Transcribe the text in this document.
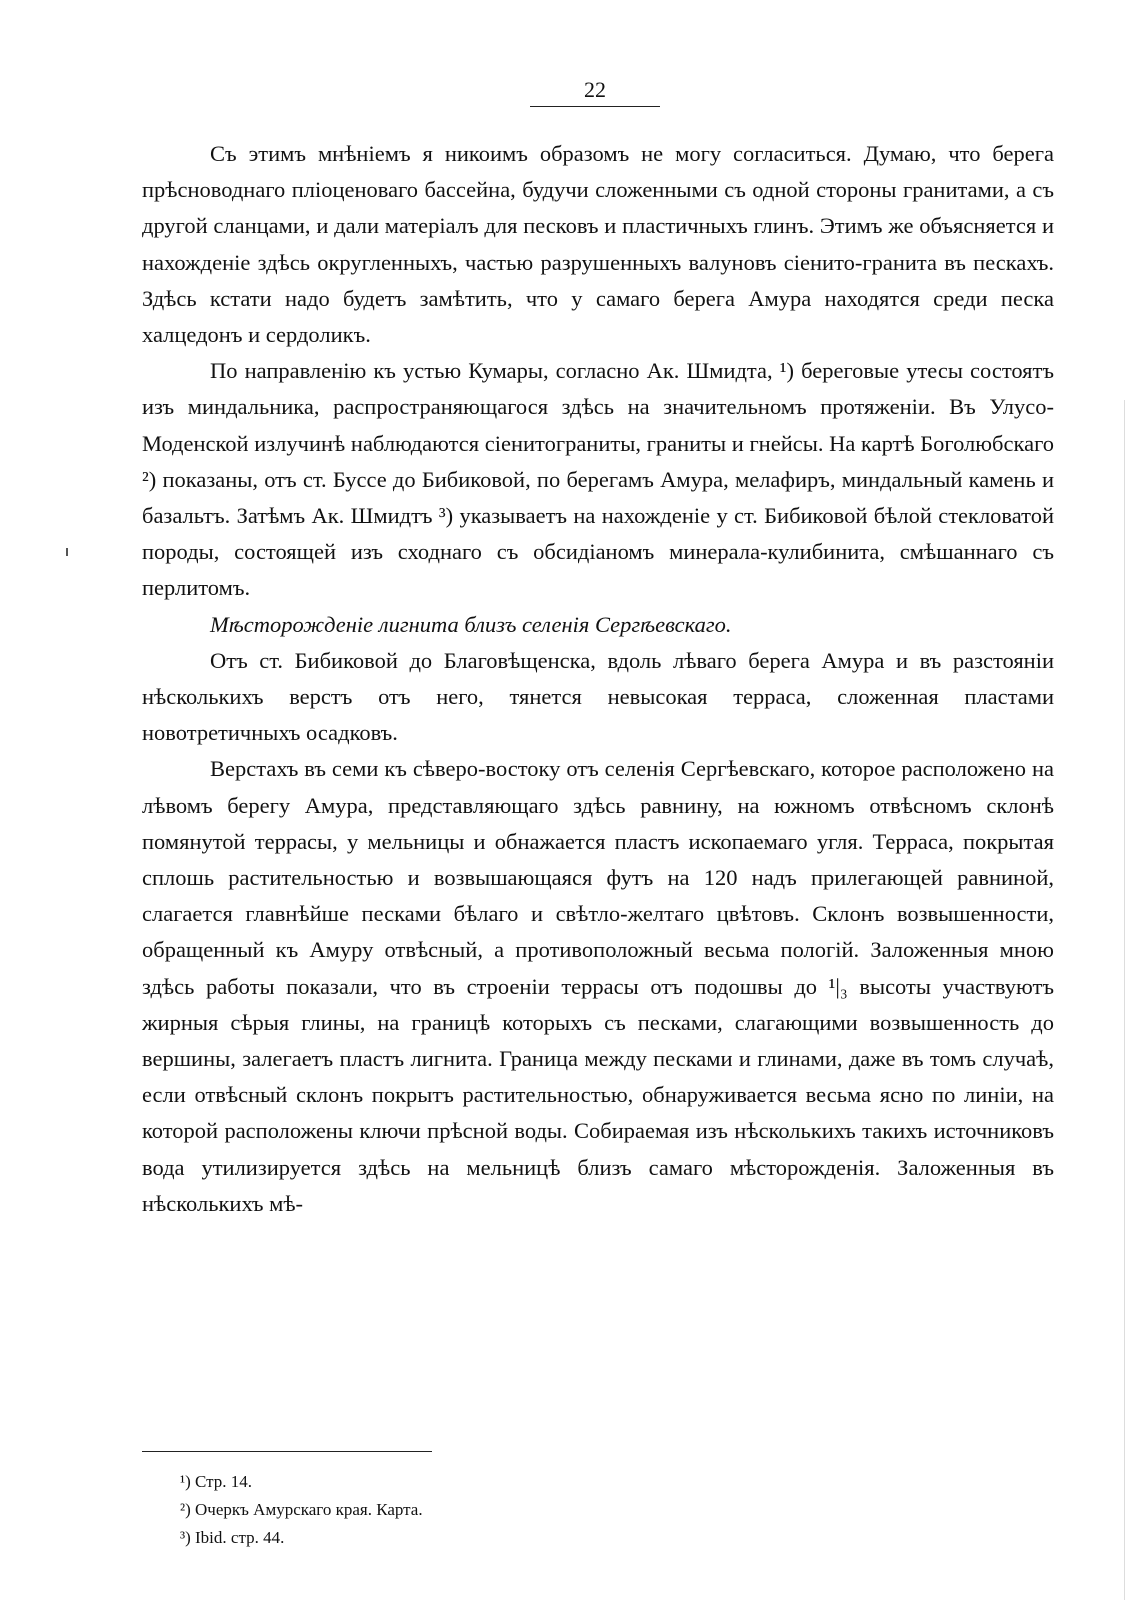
22

Съ этимъ мнѣніемъ я никоимъ образомъ не могу согласиться. Думаю, что берега прѣсноводнаго плiоценоваго бассейна, будучи сложенными съ одной стороны гранитами, а съ другой сланцами, и дали матеріалъ для песковъ и пластичныхъ глинъ. Этимъ же объясняется и нахожденіе здѣсь округленныхъ, частью разрушенныхъ валуновъ сіенито-гранита въ пескахъ. Здѣсь кстати надо будетъ замѣтить, что у самаго берега Амура находятся среди песка халцедонъ и сердоликъ.

По направленію къ устью Кумары, согласно Ак. Шмидта, ¹) береговые утесы состоятъ изъ миндальника, распространяющагося здѣсь на значительномъ протяженіи. Въ Улусо-Моденской излучинѣ наблюдаются сіенитограниты, граниты и гнейсы. На картѣ Боголюбскаго ²) показаны, отъ ст. Буссе до Бибиковой, по берегамъ Амура, мелафиръ, миндальный камень и базальтъ. Затѣмъ Ак. Шмидтъ ³) указываетъ на нахожденіе у ст. Бибиковой бѣлой стекловатой породы, состоящей изъ сходнаго съ обсидіаномъ минерала-кулибинита, смѣшаннаго съ перлитомъ.

Мѣсторожденіе лигнита близъ селенія Сергѣевскаго.

Отъ ст. Бибиковой до Благовѣщенска, вдоль лѣваго берега Амура и въ разстояніи нѣсколькихъ верстъ отъ него, тянется невысокая терраса, сложенная пластами новотретичныхъ осадковъ.

Верстахъ въ семи къ сѣверо-востоку отъ селенія Сергѣевскаго, которое расположено на лѣвомъ берегу Амура, представляющаго здѣсь равнину, на южномъ отвѣсномъ склонѣ помянутой террасы, у мельницы и обнажается пластъ ископаемаго угля. Терраса, покрытая сплошь растительностью и возвышающаяся футъ на 120 надъ прилегающей равниной, слагается главнѣйше песками бѣлаго и свѣтло-желтаго цвѣтовъ. Склонъ возвышенности, обращенный къ Амуру отвѣсный, а противоположный весьма пологій. Заложенныя мною здѣсь работы показали, что въ строеніи террасы отъ подошвы до ¹|₃ высоты участвуютъ жирныя сѣрыя глины, на границѣ которыхъ съ песками, слагающими возвышенность до вершины, залегаетъ пластъ лигнита. Граница между песками и глинами, даже въ томъ случаѣ, если отвѣсный склонъ покрытъ растительностью, обнаруживается весьма ясно по линіи, на которой расположены ключи прѣсной воды. Собираемая изъ нѣсколькихъ такихъ источниковъ вода утилизируется здѣсь на мельницѣ близъ самаго мѣсторожденія. Заложенныя въ нѣсколькихъ мѣ-

¹) Стр. 14.
²) Очеркъ Амурскаго края. Карта.
³) Ibid. стр. 44.
